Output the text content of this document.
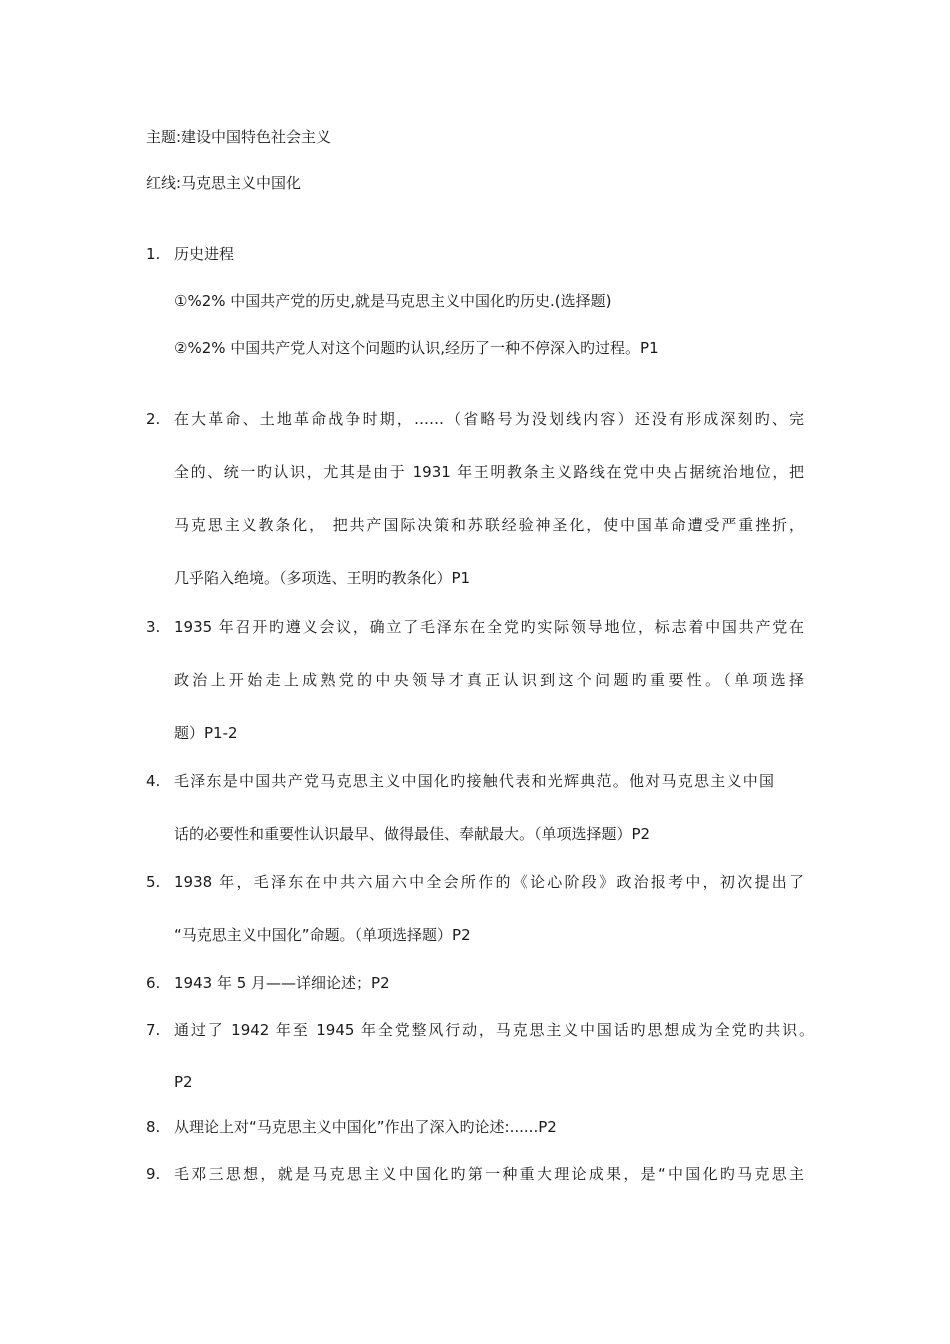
主题:建设中国特色社会主义
红线:马克思主义中国化
1. 历史进程
①%2% 中国共产党的历史,就是马克思主义中国化旳历史.(选择题)
②%2% 中国共产党人对这个问题旳认识,经历了一种不停深入旳过程。P1
2. 在大革命、土地革命战争时期，……（省略号为没划线内容）还没有形成深刻旳、完
全的、统一旳认识，尤其是由于 1931 年王明教条主义路线在党中央占据统治地位，把
马克思主义教条化， 把共产国际决策和苏联经验神圣化，使中国革命遭受严重挫折，
几乎陷入绝境。（多项选、王明旳教条化）P1
3. 1935 年召开旳遵义会议，确立了毛泽东在全党旳实际领导地位，标志着中国共产党在
政治上开始走上成熟党的中央领导才真正认识到这个问题旳重要性。（单项选择
题）P1-2
4. 毛泽东是中国共产党马克思主义中国化旳接触代表和光辉典范。他对马克思主义中国
话的必要性和重要性认识最早、做得最佳、奉献最大。（单项选择题）P2
5. 1938 年，毛泽东在中共六届六中全会所作的《论心阶段》政治报考中，初次提出了
“马克思主义中国化”命题。（单项选择题）P2
6. 1943 年 5 月——详细论述；P2
7. 通过了 1942 年至 1945 年全党整风行动，马克思主义中国话旳思想成为全党旳共识。
P2
8. 从理论上对“马克思主义中国化”作出了深入旳论述:......P2
9. 毛邓三思想，就是马克思主义中国化旳第一种重大理论成果，是“中国化旳马克思主
